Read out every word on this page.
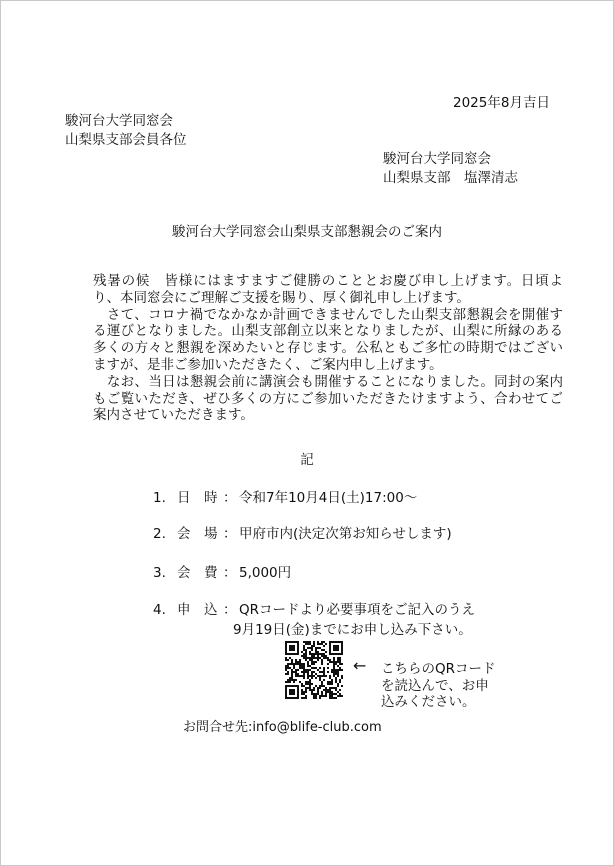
2025年8月吉日
駿河台大学同窓会
山梨県支部会員各位
駿河台大学同窓会
山梨県支部　塩澤清志
駿河台大学同窓会山梨県支部懇親会のご案内

残暑の候　皆様にはますますご健勝のこととお慶び申し上げます。日頃より、本同窓会にご理解ご支援を賜り、厚く御礼申し上げます。

　さて、コロナ禍でなかなか計画できませんでした山梨支部懇親会を開催する運びとなりました。山梨支部創立以来となりましたが、山梨に所縁のある多くの方々と懇親を深めたいと存じます。公私ともご多忙の時期ではございますが、是非ご参加いただきたく、ご案内申し上げます。

　なお、当日は懇親会前に講演会も開催することになりました。同封の案内もご覧いただき、ぜひ多くの方にご参加いただきたけますよう、合わせてご案内させていただきます。

記
1. 日　時 ： 令和7年10月4日(土)17:00～
2. 会　場 ： 甲府市内(決定次第お知らせします)
3. 会　費 ： 5,000円
4. 申　込 ： QRコードより必要事項をご記入のうえ
9月19日(金)までにお申し込み下さい。
← こちらのQRコード
を読込んで、お申
込みください。
お問合せ先:info@blife-club.com
